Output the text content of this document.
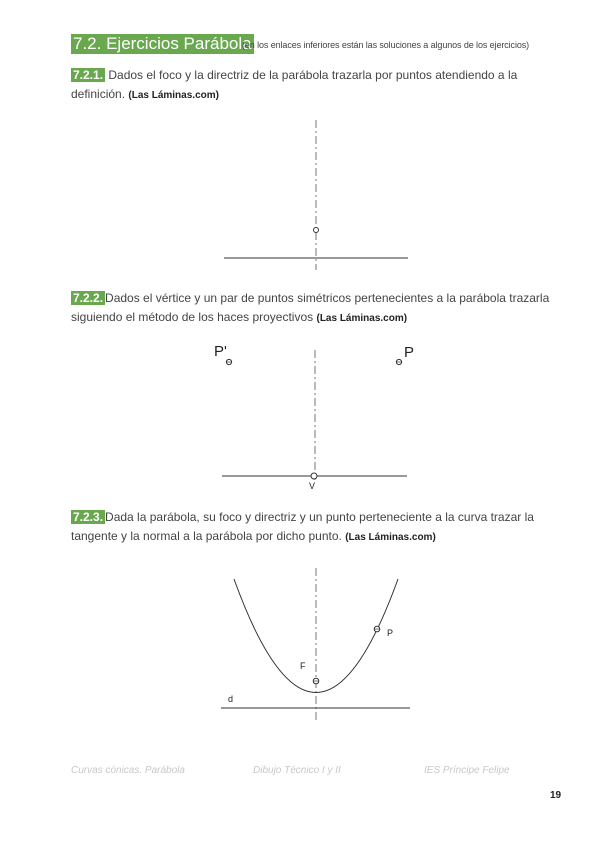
7.2. Ejercicios Parábola
(en los enlaces inferiores están las soluciones a algunos de los ejercicios)
7.2.1. Dados el foco y la directriz de la parábola trazarla por puntos atendiendo a la definición. (Las Láminas.com)
7.2.2. Dados el vértice y un par de puntos simétricos pertenecientes a la parábola trazarla siguiendo el método de los haces proyectivos (Las Láminas.com)
P'	P
V
7.2.3. Dada la parábola, su foco y directriz y un punto perteneciente a la curva trazar la tangente y la normal a la parábola por dicho punto. (Las Láminas.com)
P
F
d
Curvas cónicas. Parábola	Dibujo Técnico I y II	IES Príncipe Felipe
19
